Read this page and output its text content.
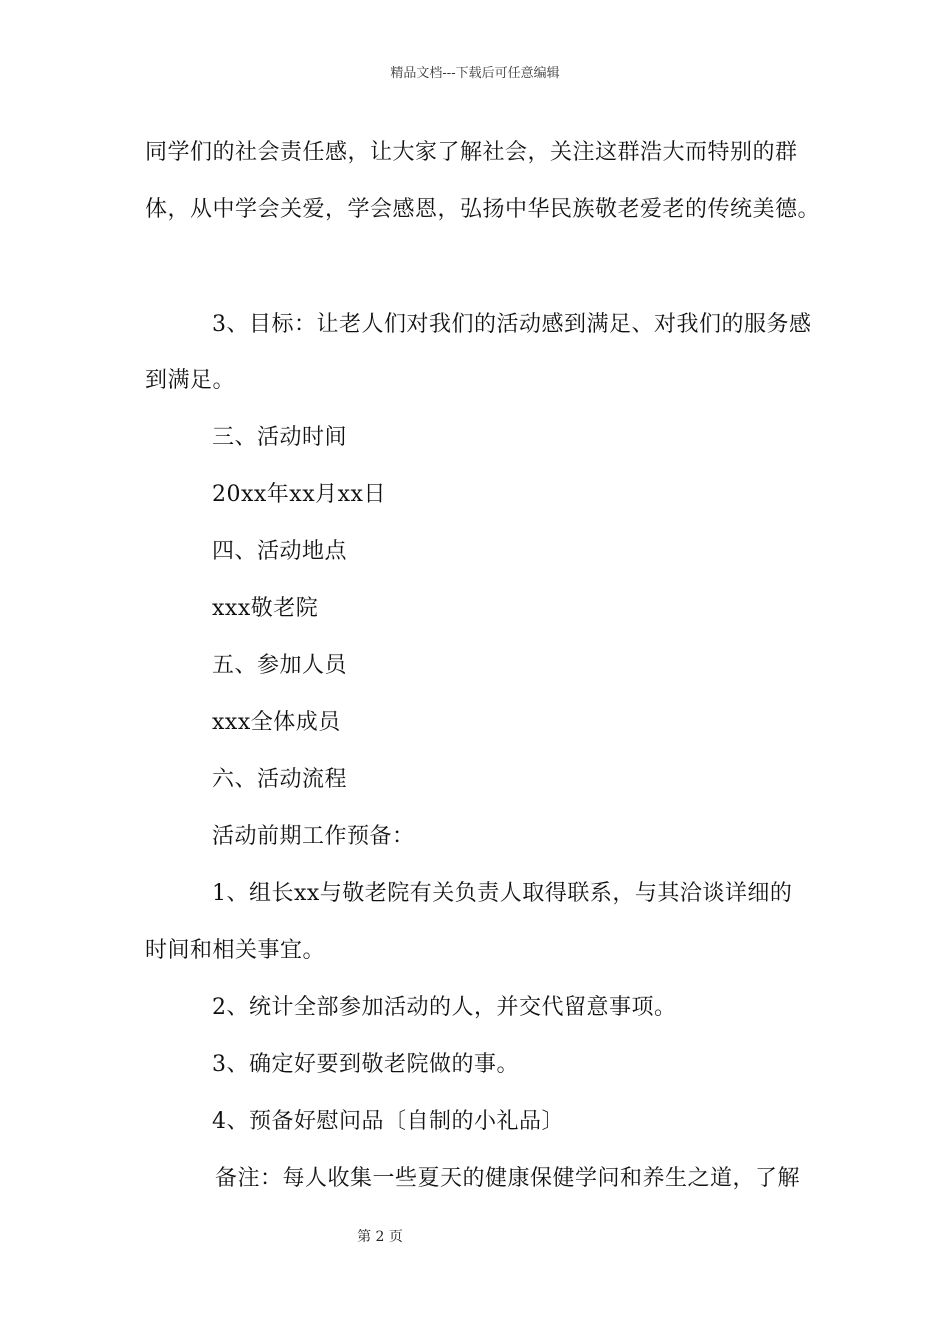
精品文档---下载后可任意编辑
同学们的社会责任感，让大家了解社会，关注这群浩大而特别的群
体，从中学会关爱，学会感恩，弘扬中华民族敬老爱老的传统美德。
3、目标：让老人们对我们的活动感到满足、对我们的服务感
到满足。
三、活动时间
20xx年xx月xx日
四、活动地点
xxx敬老院
五、参加人员
xxx全体成员
六、活动流程
活动前期工作预备：
1、组长xx与敬老院有关负责人取得联系，与其洽谈详细的
时间和相关事宜。
2、统计全部参加活动的人，并交代留意事项。
3、确定好要到敬老院做的事。
4、预备好慰问品〔自制的小礼品〕
备注：每人收集一些夏天的健康保健学问和养生之道，了解
第 2 页
